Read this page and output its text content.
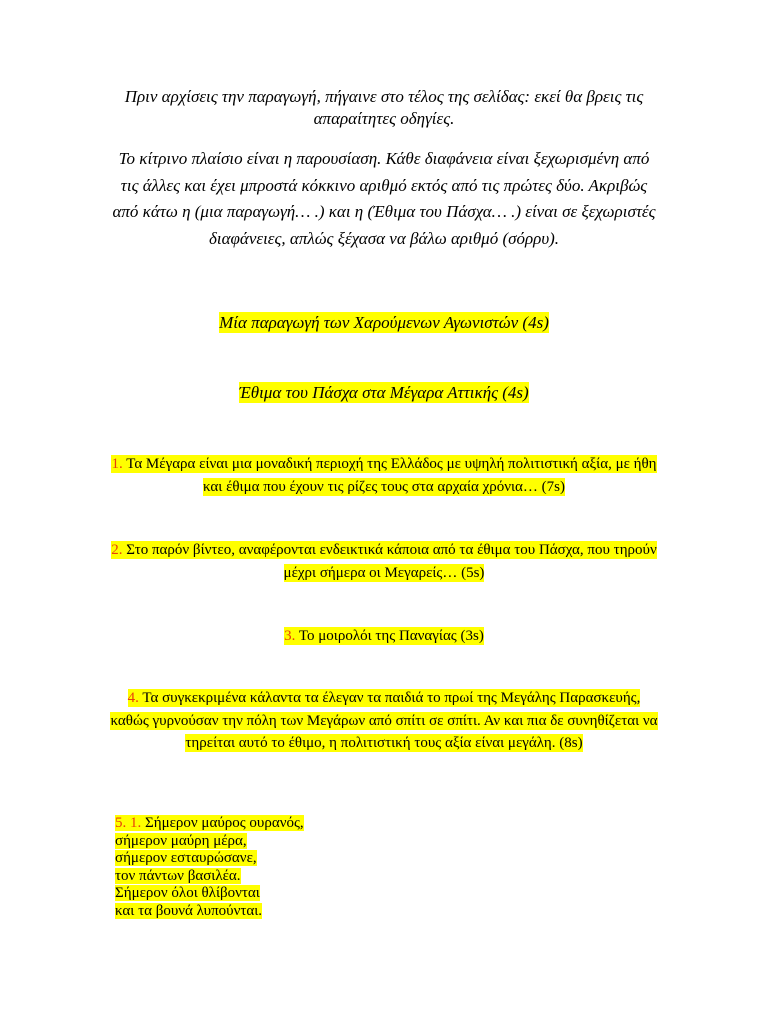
Πριν αρχίσεις την παραγωγή, πήγαινε στο τέλος της σελίδας: εκεί θα βρεις τις απαραίτητες οδηγίες.

Το κίτρινο πλαίσιο είναι η παρουσίαση. Κάθε διαφάνεια είναι ξεχωρισμένη από τις άλλες και έχει μπροστά κόκκινο αριθμό εκτός από τις πρώτες δύο. Ακριβώς από κάτω η (μια παραγωγή… .) και η (Έθιμα του Πάσχα… .) είναι σε ξεχωριστές διαφάνειες, απλώς ξέχασα να βάλω αριθμό (σόρρυ).

Μία παραγωγή των Χαρούμενων Αγωνιστών (4s)

Έθιμα του Πάσχα στα Μέγαρα Αττικής (4s)

1. Τα Μέγαρα είναι μια μοναδική περιοχή της Ελλάδος με υψηλή πολιτιστική αξία, με ήθη και έθιμα που έχουν τις ρίζες τους στα αρχαία χρόνια… (7s)

2. Στο παρόν βίντεο, αναφέρονται ενδεικτικά κάποια από τα έθιμα του Πάσχα, που τηρούν μέχρι σήμερα οι Μεγαρείς… (5s)

3. Το μοιρολόι της Παναγίας (3s)

4. Τα συγκεκριμένα κάλαντα τα έλεγαν τα παιδιά το πρωί της Μεγάλης Παρασκευής, καθώς γυρνούσαν την πόλη των Μεγάρων από σπίτι σε σπίτι. Αν και πια δε συνηθίζεται να τηρείται αυτό το έθιμο, η πολιτιστική τους αξία είναι μεγάλη. (8s)

5. 1. Σήμερον μαύρος ουρανός,
σήμερον μαύρη μέρα,
σήμερον εσταυρώσανε,
τον πάντων βασιλέα.
Σήμερον όλοι θλίβονται
και τα βουνά λυπούνται.
